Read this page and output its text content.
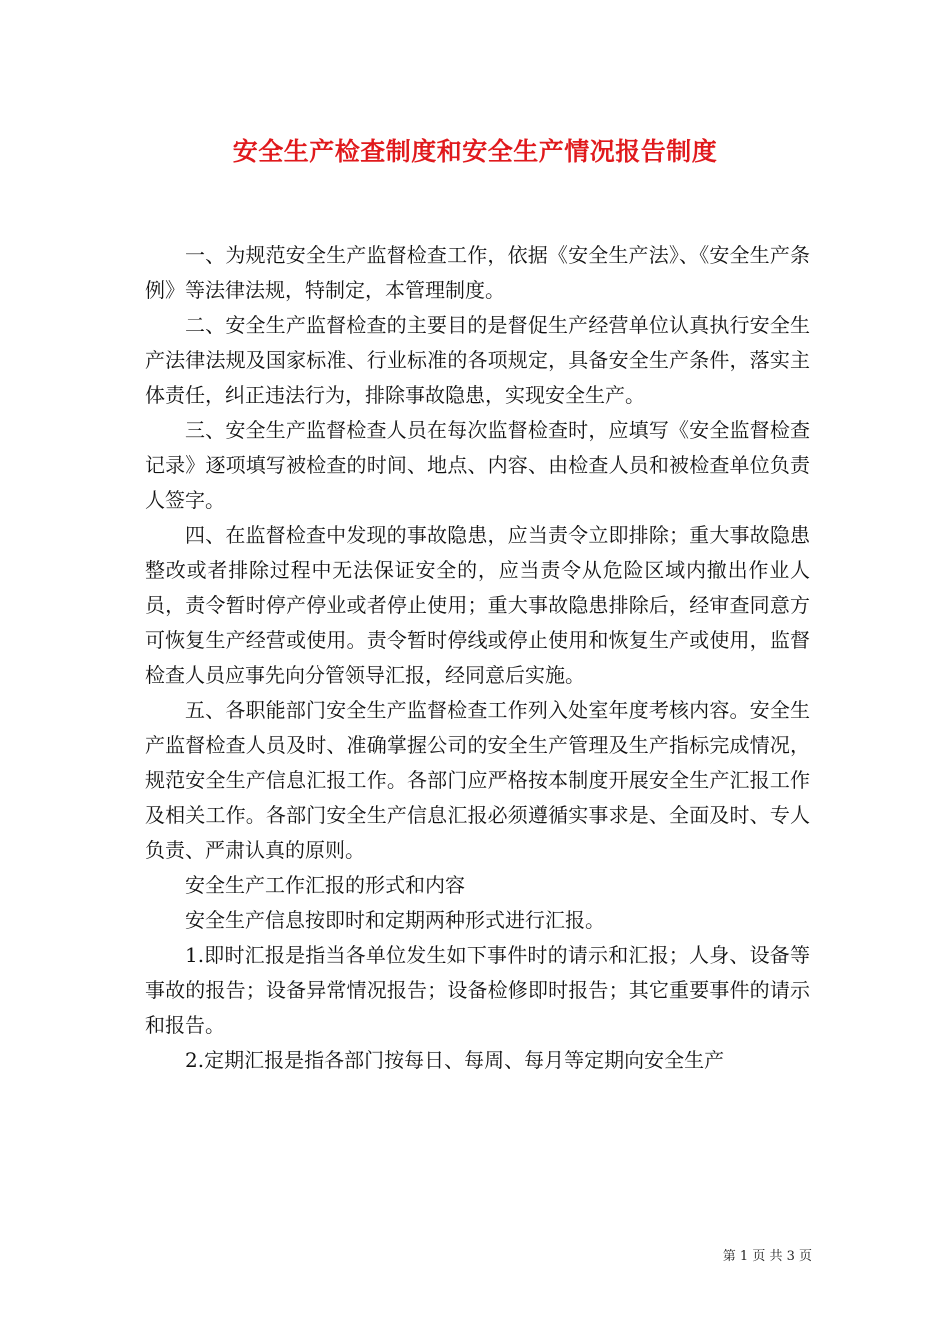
安全生产检查制度和安全生产情况报告制度

一、为规范安全生产监督检查工作，依据《安全生产法》、《安全生产条例》等法律法规，特制定，本管理制度。

二、安全生产监督检查的主要目的是督促生产经营单位认真执行安全生产法律法规及国家标准、行业标准的各项规定，具备安全生产条件，落实主体责任，纠正违法行为，排除事故隐患，实现安全生产。

三、安全生产监督检查人员在每次监督检查时，应填写《安全监督检查记录》逐项填写被检查的时间、地点、内容、由检查人员和被检查单位负责人签字。

四、在监督检查中发现的事故隐患，应当责令立即排除；重大事故隐患整改或者排除过程中无法保证安全的，应当责令从危险区域内撤出作业人员，责令暂时停产停业或者停止使用；重大事故隐患排除后，经审查同意方可恢复生产经营或使用。责令暂时停线或停止使用和恢复生产或使用，监督检查人员应事先向分管领导汇报，经同意后实施。

五、各职能部门安全生产监督检查工作列入处室年度考核内容。安全生产监督检查人员及时、准确掌握公司的安全生产管理及生产指标完成情况，规范安全生产信息汇报工作。各部门应严格按本制度开展安全生产汇报工作及相关工作。各部门安全生产信息汇报必须遵循实事求是、全面及时、专人负责、严肃认真的原则。

安全生产工作汇报的形式和内容

安全生产信息按即时和定期两种形式进行汇报。

1.即时汇报是指当各单位发生如下事件时的请示和汇报；人身、设备等事故的报告；设备异常情况报告；设备检修即时报告；其它重要事件的请示和报告。

2.定期汇报是指各部门按每日、每周、每月等定期向安全生产

第 1 页 共 3 页
